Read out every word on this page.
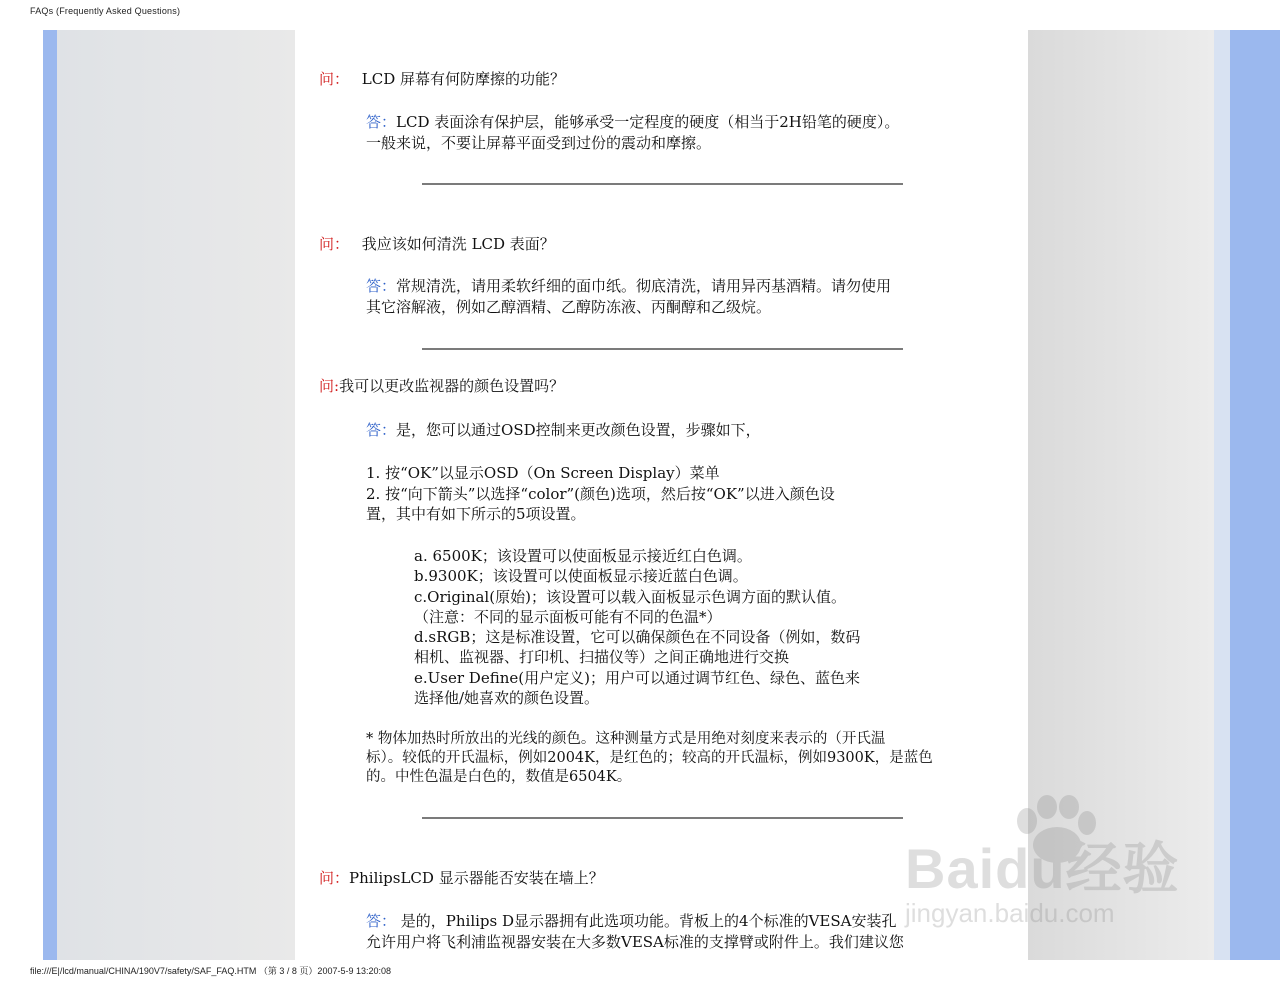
FAQs (Frequently Asked Questions)
问： LCD 屏幕有何防摩擦的功能？
答：LCD 表面涂有保护层，能够承受一定程度的硬度（相当于2H铅笔的硬度）。
一般来说，不要让屏幕平面受到过份的震动和摩擦。
问： 我应该如何清洗 LCD 表面？
答：常规清洗，请用柔软纤细的面巾纸。彻底清洗，请用异丙基酒精。请勿使用
其它溶解液，例如乙醇酒精、乙醇防冻液、丙酮醇和乙级烷。
问:我可以更改监视器的颜色设置吗？
答：是，您可以通过OSD控制来更改颜色设置，步骤如下，
1. 按“OK”以显示OSD（On Screen Display）菜单
2. 按“向下箭头”以选择“color”(颜色)选项，然后按“OK”以进入颜色设
置，其中有如下所示的5项设置。
a. 6500K；该设置可以使面板显示接近红白色调。
b.9300K；该设置可以使面板显示接近蓝白色调。
c.Original(原始)；该设置可以载入面板显示色调方面的默认值。
（注意：不同的显示面板可能有不同的色温*）
d.sRGB；这是标准设置，它可以确保颜色在不同设备（例如，数码
相机、监视器、打印机、扫描仪等）之间正确地进行交换
e.User Define(用户定义)；用户可以通过调节红色、绿色、蓝色来
选择他/她喜欢的颜色设置。
* 物体加热时所放出的光线的颜色。这种测量方式是用绝对刻度来表示的（开氏温
标）。较低的开氏温标，例如2004K，是红色的；较高的开氏温标，例如9300K，是蓝色
的。中性色温是白色的，数值是6504K。
问：PhilipsLCD 显示器能否安装在墙上？
答： 是的，Philips D显示器拥有此选项功能。背板上的4个标准的VESA安装孔
允许用户将飞利浦监视器安装在大多数VESA标准的支撑臂或附件上。我们建议您
Baidu经验
jingyan.baidu.com
file:///E|/lcd/manual/CHINA/190V7/safety/SAF_FAQ.HTM （第 3 / 8 页）2007-5-9 13:20:08
